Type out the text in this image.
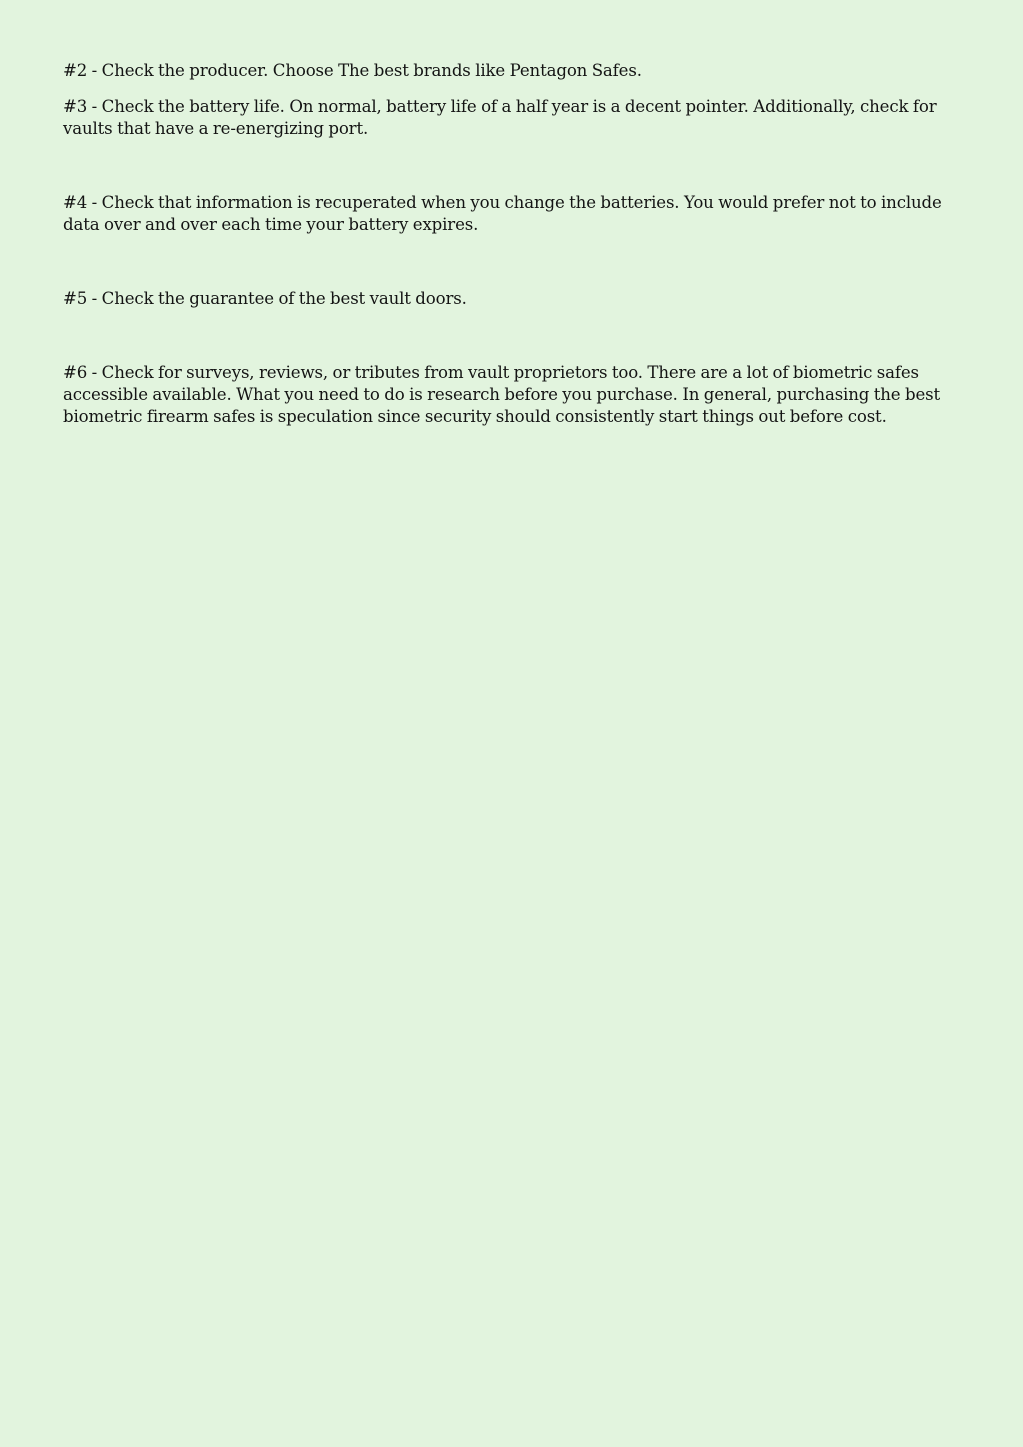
#2 - Check the producer. Choose The best brands like Pentagon Safes.

#3 - Check the battery life. On normal, battery life of a half year is a decent pointer. Additionally, check for vaults that have a re-energizing port.

#4 - Check that information is recuperated when you change the batteries. You would prefer not to include data over and over each time your battery expires.

#5 - Check the guarantee of the best vault doors.

#6 - Check for surveys, reviews, or tributes from vault proprietors too. There are a lot of biometric safes accessible available. What you need to do is research before you purchase. In general, purchasing the best biometric firearm safes is speculation since security should consistently start things out before cost.
